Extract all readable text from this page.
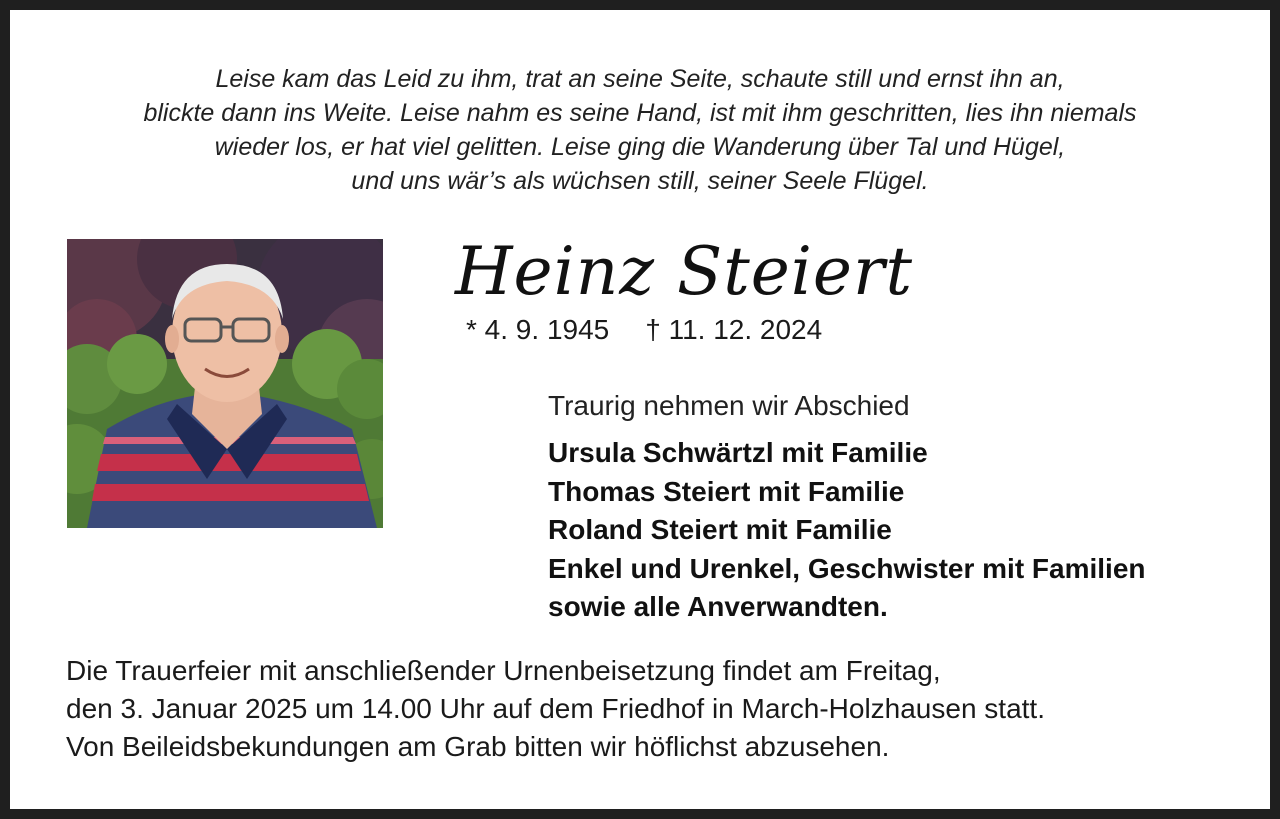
Leise kam das Leid zu ihm, trat an seine Seite, schaute still und ernst ihn an,
blickte dann ins Weite. Leise nahm es seine Hand, ist mit ihm geschritten, lies ihn niemals
wieder los, er hat viel gelitten. Leise ging die Wanderung über Tal und Hügel,
und uns wär’s als wüchsen still, seiner Seele Flügel.
Heinz Steiert
* 4. 9. 1945 † 11. 12. 2024
Traurig nehmen wir Abschied
Ursula Schwärtzl mit Familie
Thomas Steiert mit Familie
Roland Steiert mit Familie
Enkel und Urenkel, Geschwister mit Familien
sowie alle Anverwandten.
Die Trauerfeier mit anschließender Urnenbeisetzung findet am Freitag,
den 3. Januar 2025 um 14.00 Uhr auf dem Friedhof in March-Holzhausen statt.
Von Beileidsbekundungen am Grab bitten wir höflichst abzusehen.
